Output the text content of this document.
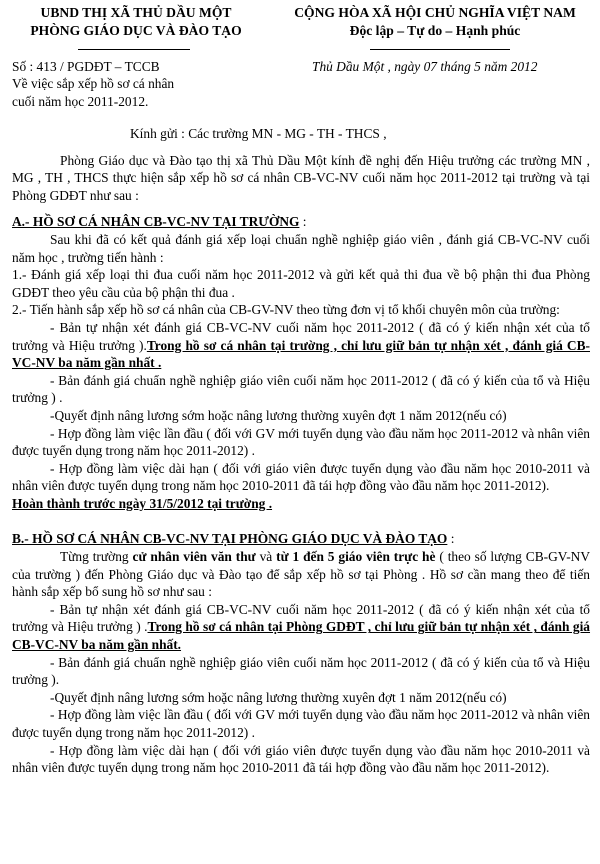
UBND THỊ XÃ THỦ DẦU MỘT
PHÒNG GIÁO DỤC VÀ ĐÀO TẠO
CỘNG HÒA XÃ HỘI CHỦ NGHĨA VIỆT NAM
Độc lập – Tự do – Hạnh phúc
Số : 413 / PGDĐT – TCCB	Thủ Dầu Một , ngày 07 tháng 5 năm 2012
Về việc sắp xếp hồ sơ cá nhân
cuối năm học 2011-2012.

Kính gửi : Các trường MN - MG - TH - THCS ,

Phòng Giáo dục và Đào tạo thị xã Thủ Dầu Một kính đề nghị đến Hiệu trưởng các trường MN , MG , TH , THCS thực hiện sắp xếp hồ sơ cá nhân CB-VC-NV cuối năm học 2011-2012 tại trường và tại Phòng GDĐT như sau :

A.- HỒ SƠ CÁ NHÂN CB-VC-NV TẠI TRƯỜNG :

Sau khi đã có kết quả đánh giá xếp loại chuẩn nghề nghiệp giáo viên , đánh giá CB-VC-NV cuối năm học , trường tiến hành :

1.- Đánh giá xếp loại thi đua cuối năm học 2011-2012 và gửi kết quả thi đua về bộ phận thi đua Phòng GDĐT theo yêu cầu của bộ phận thi đua .

2.- Tiến hành sắp xếp hồ sơ cá nhân của CB-GV-NV theo từng đơn vị tổ khối chuyên môn của trường:

- Bản tự nhận xét đánh giá CB-VC-NV cuối năm học 2011-2012 ( đã có ý kiến nhận xét của tổ trưởng và Hiệu trưởng ).Trong hồ sơ cá nhân tại trường , chỉ lưu giữ bản tự nhận xét , đánh giá CB-VC-NV ba năm gần nhất .

- Bản đánh giá chuẩn nghề nghiệp giáo viên cuối năm học 2011-2012 ( đã có ý kiến của tổ và Hiệu trưởng ) .

-Quyết định nâng lương sớm hoặc nâng lương thường xuyên đợt 1 năm 2012(nếu có)

- Hợp đồng làm việc lần đầu ( đối với GV mới tuyển dụng vào đầu năm học 2011-2012 và nhân viên được tuyển dụng trong năm học 2011-2012) .

- Hợp đồng làm việc dài hạn ( đối với giáo viên được tuyển dụng vào đầu năm học 2010-2011 và nhân viên được tuyển dụng trong năm học 2010-2011 đã tái hợp đồng vào đầu năm học 2011-2012).

Hoàn thành trước ngày 31/5/2012 tại trường .

B.- HỒ SƠ CÁ NHÂN CB-VC-NV TẠI PHÒNG GIÁO DỤC VÀ ĐÀO TẠO :

Từng trường cử nhân viên văn thư và từ 1 đến 5 giáo viên trực hè ( theo số lượng CB-GV-NV của trường ) đến Phòng Giáo dục và Đào tạo để sắp xếp hồ sơ tại Phòng . Hồ sơ cần mang theo để tiến hành sắp xếp bổ sung hồ sơ như sau :

- Bản tự nhận xét đánh giá CB-VC-NV cuối năm học 2011-2012 ( đã có ý kiến nhận xét của tổ trưởng và Hiệu trưởng ) .Trong hồ sơ cá nhân tại Phòng GDĐT , chỉ lưu giữ bản tự nhận xét , đánh giá CB-VC-NV ba năm gần nhất.

- Bản đánh giá chuẩn nghề nghiệp giáo viên cuối năm học 2011-2012 ( đã có ý kiến của tổ và Hiệu trưởng ).

-Quyết định nâng lương sớm hoặc nâng lương thường xuyên đợt 1 năm 2012(nếu có)

- Hợp đồng làm việc lần đầu ( đối với GV mới tuyển dụng vào đầu năm học 2011-2012 và nhân viên được tuyển dụng trong năm học 2011-2012) .

- Hợp đồng làm việc dài hạn ( đối với giáo viên được tuyển dụng vào đầu năm học 2010-2011 và nhân viên được tuyển dụng trong năm học 2010-2011 đã tái hợp đồng vào đầu năm học 2011-2012).
